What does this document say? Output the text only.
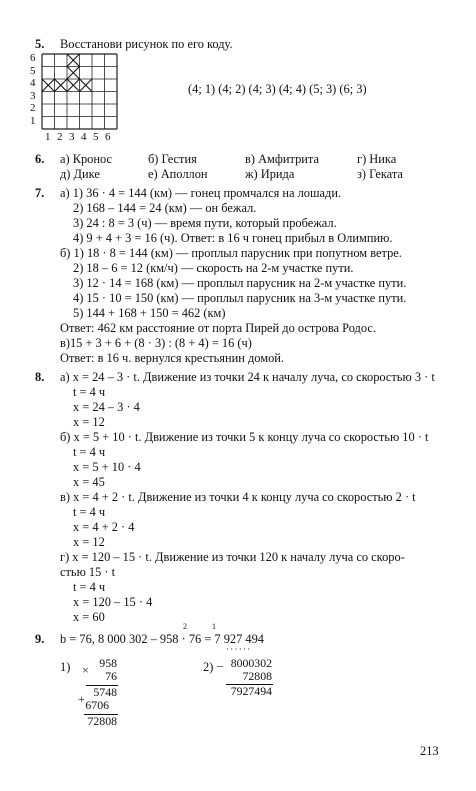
5. Восстанови рисунок по его коду.
6
5
4
3
2
1
1 2 3 4 5 6
(4; 1) (4; 2) (4; 3) (4; 4) (5; 3) (6; 3)
6. а) Кронос	б) Гестия	в) Амфитрита	г) Ника
д) Дике	е) Аполлон	ж) Ирида	з) Геката
7. а) 1) 36 · 4 = 144 (км) — гонец промчался на лошади.
2) 168 – 144 = 24 (км) — он бежал.
3) 24 : 8 = 3 (ч) — время пути, который пробежал.
4) 9 + 4 + 3 = 16 (ч). Ответ: в 16 ч гонец прибыл в Олимпию.
б) 1) 18 · 8 = 144 (км) — проплыл парусник при попутном ветре.
2) 18 – 6 = 12 (км/ч) — скорость на 2-м участке пути.
3) 12 · 14 = 168 (км) — проплыл парусник на 2-м участке пути.
4) 15 · 10 = 150 (км) — проплыл парусник на 3-м участке пути.
5) 144 + 168 + 150 = 462 (км)
Ответ: 462 км расстояние от порта Пирей до острова Родос.
в)15 + 3 + 6 + (8 · 3) : (8 + 4) = 16 (ч)
Ответ: в 16 ч. вернулся крестьянин домой.
8. а) x = 24 – 3 · t. Движение из точки 24 к началу луча, со скоростью 3 · t
t = 4 ч
x = 24 – 3 · 4
x = 12
б) x = 5 + 10 · t. Движение из точки 5 к концу луча со скоростью 10 · t
t = 4 ч
x = 5 + 10 · 4
x = 45
в) x = 4 + 2 · t. Движение из точки 4 к концу луча со скоростью 2 · t
t = 4 ч
x = 4 + 2 · 4
x = 12
г) x = 120 – 15 · t. Движение из точки 120 к началу луча со скоро-
стью 15 · t
t = 4 ч
x = 120 – 15 · 4
x = 60
9.
2	1
b = 76, 8 000 302 – 958 · 76 = 7 927 494
1) × 958
76
5748
+ 6706
72808
2)
· · · · · ·
_ 8000302
72808
7927494
213
